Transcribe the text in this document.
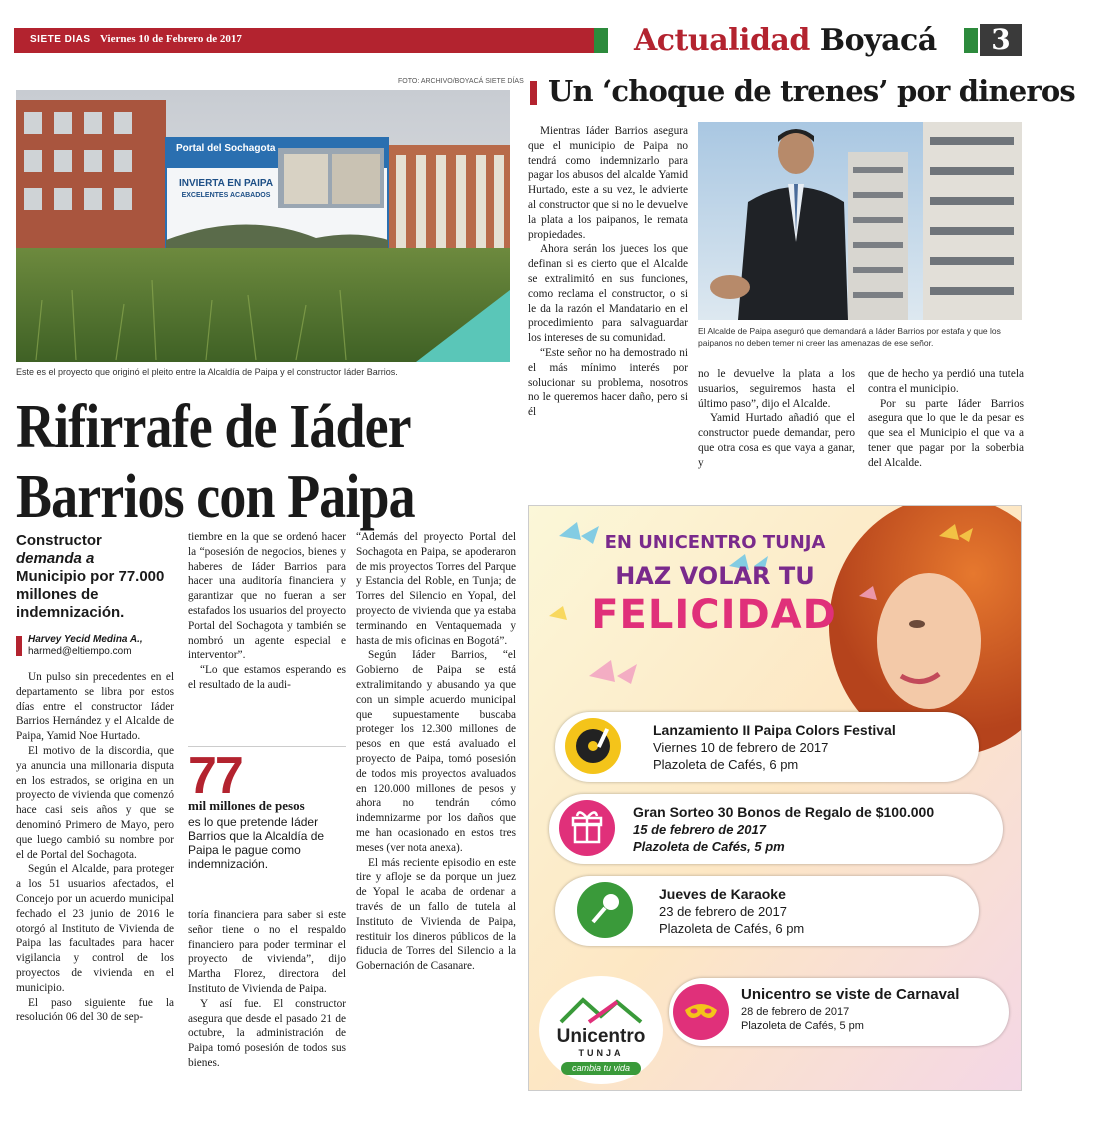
SIETE DIAS Viernes 10 de Febrero de 2017	Actualidad Boyacá	3
FOTO: ARCHIVO/BOYACÁ SIETE DÍAS
Portal del Sochagota
INVIERTA EN PAIPA
EXCELENTES ACABADOS
Este es el proyecto que originó el pleito entre la Alcaldía de Paipa y el constructor Iáder Barrios.
Un ‘choque de trenes’ por dineros

Mientras Iáder Barrios asegura que el municipio de Paipa no tendrá como indemnizarlo para pagar los abusos del alcalde Yamid Hurtado, este a su vez, le advierte al constructor que si no le devuelve la plata a los paipanos, le remata propiedades.

Ahora serán los jueces los que definan si es cierto que el Alcalde se extralimitó en sus funciones, como reclama el constructor, o si le da la razón el Mandatario en el procedimiento para salvaguardar los intereses de su comunidad.

“Este señor no ha demostrado ni el más mínimo interés por solucionar su problema, nosotros no le queremos hacer daño, pero si él

El Alcalde de Paipa aseguró que demandará a Iáder Barrios por estafa y que los paipanos no deben temer ni creer las amenazas de ese señor.

no le devuelve la plata a los usuarios, seguiremos hasta el último paso”, dijo el Alcalde.

Yamid Hurtado añadió que el constructor puede demandar, pero que otra cosa es que vaya a ganar, y

que de hecho ya perdió una tutela contra el municipio.

Por su parte Iáder Barrios asegura que lo que le da pesar es que sea el Municipio el que va a tener que pagar por la soberbia del Alcalde.

Rifirrafe de Iáder
Barrios con Paipa
Constructor
demanda a
Municipio por 77.000 millones de indemnización.
Harvey Yecid Medina A.,
harmed@eltiempo.com

Un pulso sin precedentes en el departamento se libra por estos días entre el constructor Iáder Barrios Hernández y el Alcalde de Paipa, Yamid Noe Hurtado.

El motivo de la discordia, que ya anuncia una millonaria disputa en los estrados, se origina en un proyecto de vivienda que comenzó hace casi seis años y que se denominó Primero de Mayo, pero que luego cambió su nombre por el de Portal del Sochagota.

Según el Alcalde, para proteger a los 51 usuarios afectados, el Concejo por un acuerdo municipal fechado el 23 junio de 2016 le otorgó al Instituto de Vivienda de Paipa las facultades para hacer vigilancia y control de los proyectos de vivienda en el municipio.

El paso siguiente fue la resolución 06 del 30 de sep-

tiembre en la que se ordenó hacer la “posesión de negocios, bienes y haberes de Iáder Barrios para hacer una auditoría financiera y garantizar que no fueran a ser estafados los usuarios del proyecto Portal del Sochagota y también se nombró un agente especial e interventor”.

“Lo que estamos esperando es el resultado de la audi-

77
mil millones de pesos
es lo que pretende Iáder Barrios que la Alcaldía de Paipa le pague como indemnización.

toría financiera para saber si este señor tiene o no el respaldo financiero para poder terminar el proyecto de vivienda”, dijo Martha Florez, directora del Instituto de Vivienda de Paipa.

Y así fue. El constructor asegura que desde el pasado 21 de octubre, la administración de Paipa tomó posesión de todos sus bienes.

“Además del proyecto Portal del Sochagota en Paipa, se apoderaron de mis proyectos Torres del Parque y Estancia del Roble, en Tunja; de Torres del Silencio en Yopal, del proyecto de vivienda que ya estaba terminando en Ventaquemada y hasta de mis oficinas en Bogotá”.

Según Iáder Barrios, “el Gobierno de Paipa se está extralimitando y abusando ya que con un simple acuerdo municipal que supuestamente buscaba proteger los 12.300 millones de pesos en que está avaluado el proyecto de Paipa, tomó posesión de todos mis proyectos avaluados en 120.000 millones de pesos y ahora no tendrán cómo indemnizarme por los daños que me han ocasionado en estos tres meses (ver nota anexa).

El más reciente episodio en este tire y afloje se da porque un juez de Yopal le acaba de ordenar a través de un fallo de tutela al Instituto de Vivienda de Paipa, restituir los dineros públicos de la fiducia de Torres del Silencio a la Gobernación de Casanare.

EN UNICENTRO TUNJA
HAZ VOLAR TU
FELICIDAD
Lanzamiento II Paipa Colors Festival
Viernes 10 de febrero de 2017
Plazoleta de Cafés, 6 pm
Gran Sorteo 30 Bonos de Regalo de $100.000
15 de febrero de 2017
Plazoleta de Cafés, 5 pm
Jueves de Karaoke
23 de febrero de 2017
Plazoleta de Cafés, 6 pm
Unicentro se viste de Carnaval
28 de febrero de 2017
Plazoleta de Cafés, 5 pm
Unicentro
TUNJA
cambia tu vida
